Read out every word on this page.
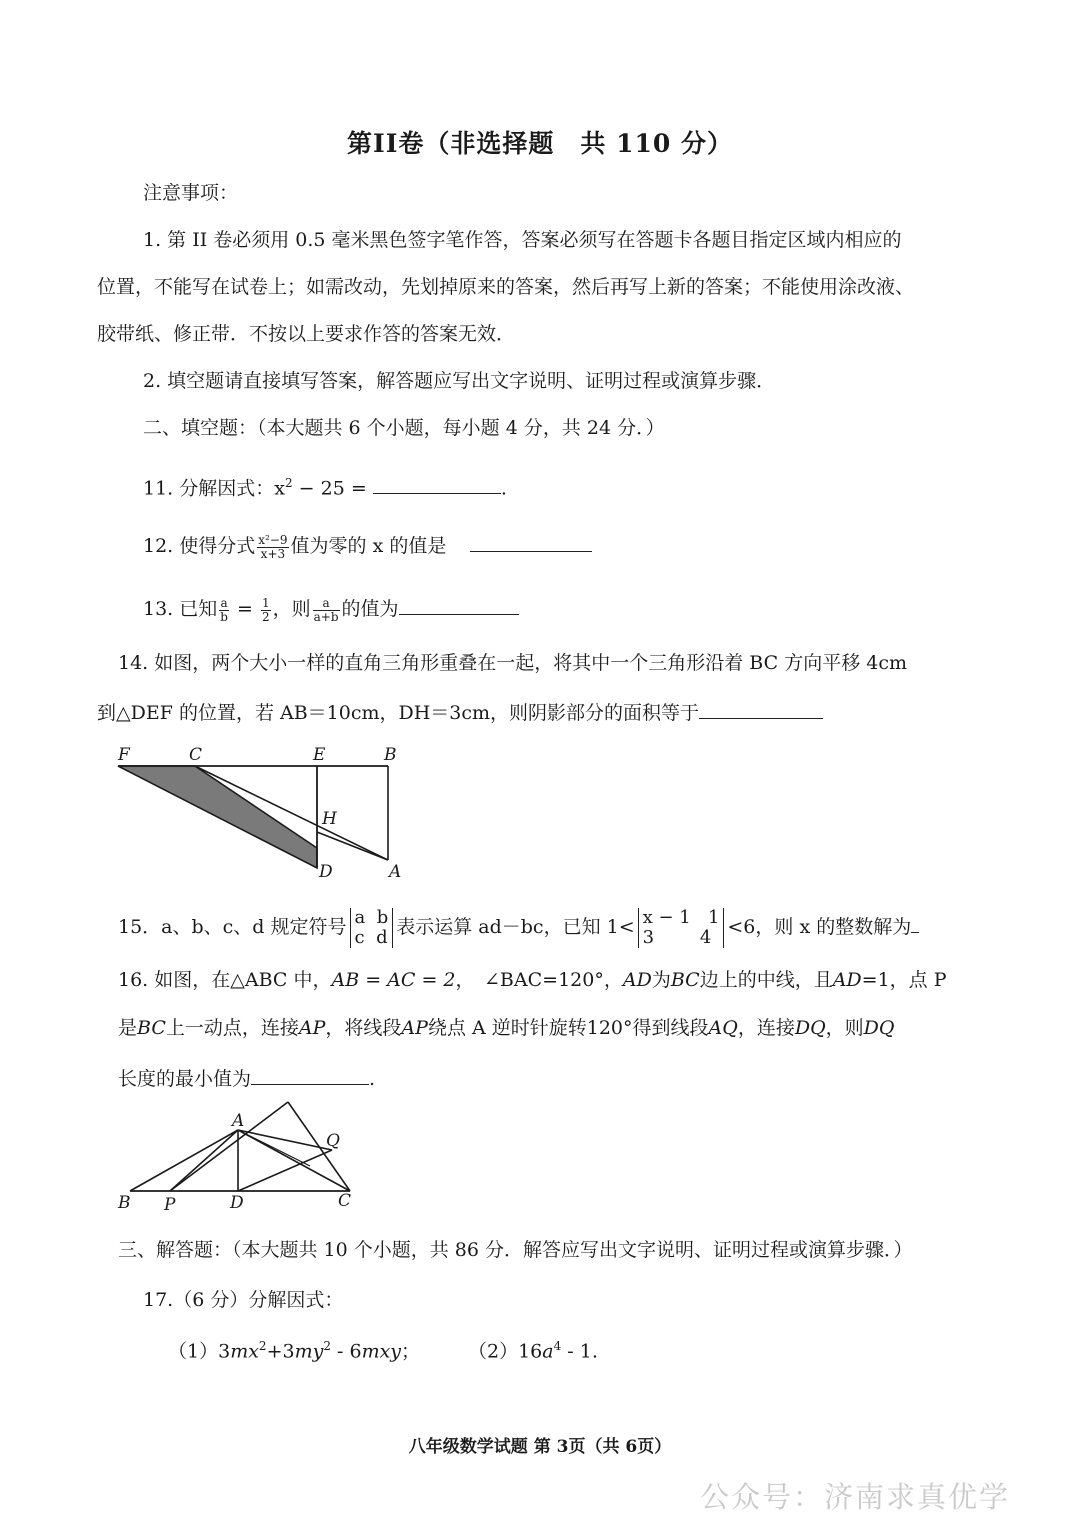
第II卷（非选择题　共 110 分）
注意事项：
1. 第 II 卷必须用 0.5 毫米黑色签字笔作答，答案必须写在答题卡各题目指定区域内相应的
位置，不能写在试卷上；如需改动，先划掉原来的答案，然后再写上新的答案；不能使用涂改液、
胶带纸、修正带．不按以上要求作答的答案无效．
2. 填空题请直接填写答案，解答题应写出文字说明、证明过程或演算步骤．
二、填空题：（本大题共 6 个小题，每小题 4 分，共 24 分．）
11. 分解因式：$x^2 - 25$ =	.
12. 使得分式 $\frac{\text{x²−9}}{x+3}$ 值为零的 x 的值是
13. 已知 $\frac{a}{b} = \frac{1}{2}$ ，则 $\frac{a}{a+b}$ 的值为
14. 如图，两个大小一样的直角三角形重叠在一起，将其中一个三角形沿着 BC 方向平移 4cm
到△DEF 的位置，若 AB＝10cm，DH＝3cm，则阴影部分的面积等于
F	C	E	B
H
D	A
15．a、b、c、d 规定符号 a b
c d 表示运算 ad－bc，已知 1< x − 1 1
3	4 <6，则 x 的整数解为
16. 如图，在△ABC 中，AB = AC = 2，　∠BAC=120°，AD为BC边上的中线，且AD=1，点 P
是BC上一动点，连接AP，将线段AP绕点 A 逆时针旋转120°得到线段AQ，连接DQ，则DQ
长度的最小值为	.
A
Q
B P	D	C
三、解答题：（本大题共 10 个小题，共 86 分．解答应写出文字说明、证明过程或演算步骤．）
17.（6 分）分解因式：
$(1)3mx^2+3my^2 - 6mxy$；	$(2)16a^4 - 1$.
八年级数学试题 第 3页（共 6页）
公众号：济南求真优学
